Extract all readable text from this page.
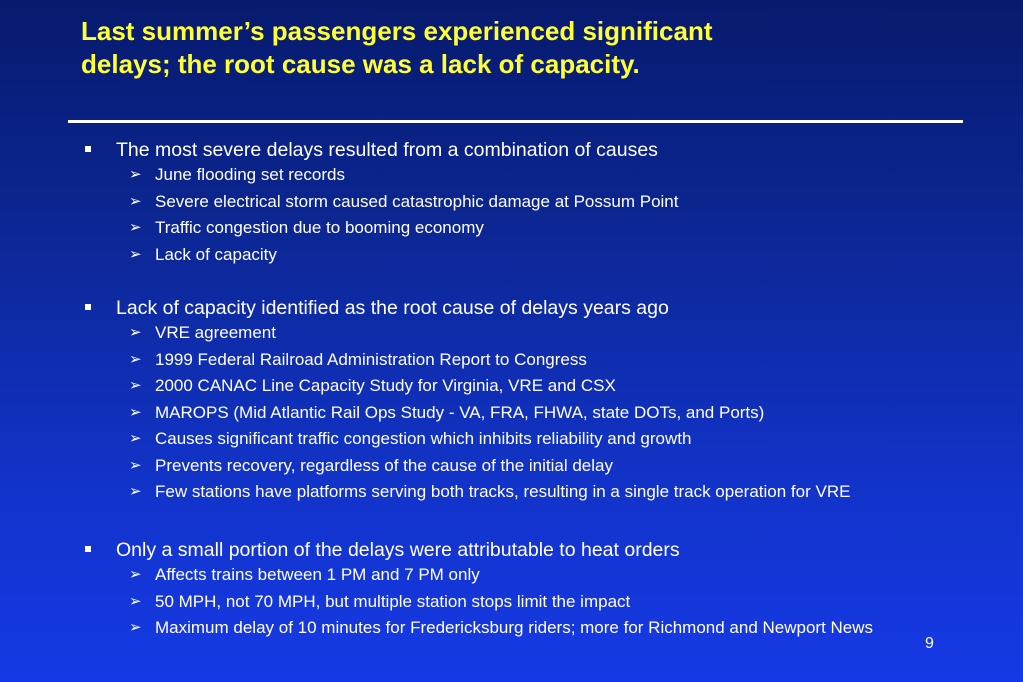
Last summer’s passengers experienced significant
delays; the root cause was a lack of capacity.
The most severe delays resulted from a combination of causes
➢ June flooding set records
➢ Severe electrical storm caused catastrophic damage at Possum Point
➢ Traffic congestion due to booming economy
➢ Lack of capacity
Lack of capacity identified as the root cause of delays years ago
➢ VRE agreement
➢ 1999 Federal Railroad Administration Report to Congress
➢ 2000 CANAC Line Capacity Study for Virginia, VRE and CSX
➢ MAROPS (Mid Atlantic Rail Ops Study - VA, FRA, FHWA, state DOTs, and Ports)
➢ Causes significant traffic congestion which inhibits reliability and growth
➢ Prevents recovery, regardless of the cause of the initial delay
➢ Few stations have platforms serving both tracks, resulting in a single track operation for VRE
Only a small portion of the delays were attributable to heat orders
➢ Affects trains between 1 PM and 7 PM only
➢ 50 MPH, not 70 MPH, but multiple station stops limit the impact
➢ Maximum delay of 10 minutes for Fredericksburg riders; more for Richmond and Newport News
9
